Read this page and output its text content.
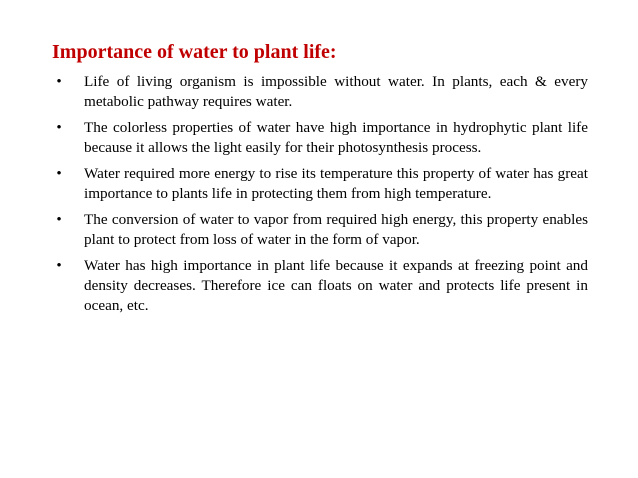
Importance of water to plant life:
• Life of living organism is impossible without water. In plants, each & every metabolic pathway requires water.
• The colorless properties of water have high importance in hydrophytic plant life because it allows the light easily for their photosynthesis process.
• Water required more energy to rise its temperature this property of water has great importance to plants life in protecting them from high temperature.
• The conversion of water to vapor from required high energy, this property enables plant to protect from loss of water in the form of vapor.
• Water has high importance in plant life because it expands at freezing point and density decreases. Therefore ice can floats on water and protects life present in ocean, etc.
